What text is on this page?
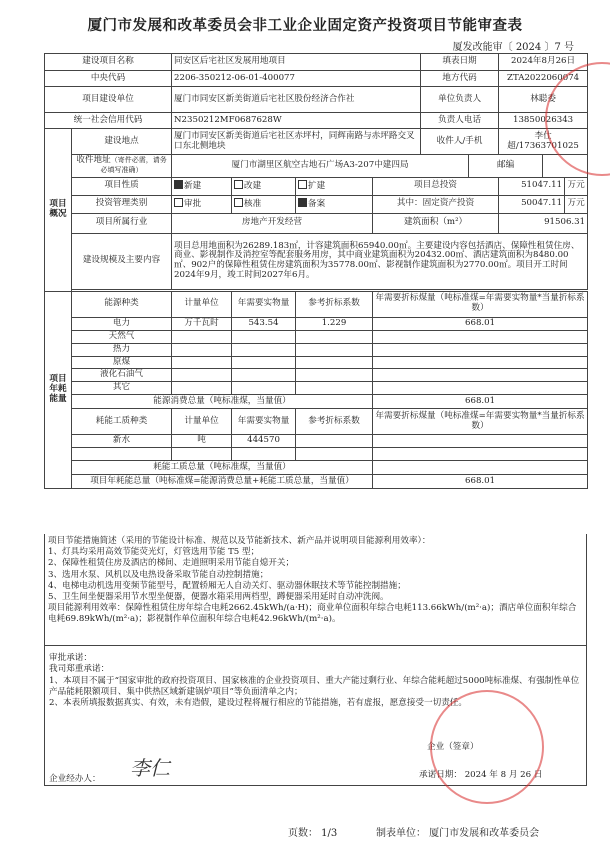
厦门市发展和改革委员会非工业企业固定资产投资项目节能审查表
厦发改能审〔 2024 〕7 号
建设项目名称		同安区后宅社区发展用地项目				填表日期		2024年8月26日		
中央代码		2206-350212-06-01-400077				地方代码		ZTA2022060074		
项目建设单位		厦门市同安区新美街道后宅社区股份经济合作社				单位负责人		林聪委		
统一社会信用代码		N2350212MF0687628W				负责人电话		13850026343		
项目概况	建设地点	厦门市同安区新美街道后宅社区赤坪村，同辉南路与赤坪路交叉口东北侧地块				收件人/手机		李仕超/17363701025		
	收件地址（寄件必需，请务必填写准确）	厦门市湖里区航空古地石广场A3-207中建四局					邮编			
	项目性质	新建	改建	扩建	项目总投资			51047.11		万元
	投资管理类别	审批	核准	备案	其中：固定资产投资			50047.11		万元
	项目所属行业	房地产开发经营			建筑面积（m²）			91506.31		
	建设规模及主要内容	项目总用地面积为26289.183㎡，计容建筑面积65940.00㎡。主要建设内容包括酒店、保障性租赁住房、商业、影视制作及消控室等配套服务用房，其中商业建筑面积为20432.00㎡、酒店建筑面积为8480.00㎡、902户的保障性租赁住房建筑面积为35778.00㎡、影视制作建筑面积为2770.00㎡。项目开工时间2024年9月，竣工时间2027年6月。								

项目年耗能量	能源种类	计量单位	年需要实物量	参考折标系数	年需要折标煤量（吨标准煤=年需要实物量*当量折标系数）					
	电力	万千瓦时	543.54	1.229	668.01					
	天然气									
	热力									
	原煤									
	液化石油气									
	其它									
	能源消费总量（吨标准煤，当量值）				668.01					
	耗能工质种类	计量单位	年需要实物量	参考折标系数	年需要折标煤量（吨标准煤=年需要实物量*当量折标系数）					
	新水	吨	444570							

	耗能工质总量（吨标准煤，当量值）									
	项目年耗能总量（吨标准煤=能源消费总量+耗能工质总量，当量值）				668.01					
项目节能措施简述（采用的节能设计标准、规范以及节能新技术、新产品并说明项目能源利用效率）：
1、灯具均采用高效节能荧光灯，灯管选用节能 T5 型；
2、保障性租赁住房及酒店的梯间、走道照明采用节能自熄开关；
3、选用水泵、风机以及电热设备采取节能自动控制措施；
4、电梯电动机选用变频节能型号，配置轿厢无人自动关灯、驱动器休眠技术等节能控制措施；
5、卫生间坐便器采用节水型坐便器，便器水箱采用两档型，蹲便器采用延时自动冲洗阀。
项目能源利用效率：保障性租赁住房年综合电耗2662.45kWh/(a·H)；商业单位面积年综合电耗113.66kWh/(m²·a)；酒店单位面积年综合电耗69.89kWh/(m²·a)；影视制作单位面积年综合电耗42.96kWh/(m²·a)。

审批承诺：

我司郑重承诺：

1、本项目不属于“国家审批的政府投资项目、国家核准的企业投资项目、重大产能过剩行业、年综合能耗超过5000吨标准煤、有强制性单位产品能耗限额项目、集中供热区域新建锅炉项目”等负面清单之内；

2、本表所填报数据真实、有效，未有造假，建设过程将履行相应的节能措施，若有虚报，愿意接受一切责任。

企业（签章）
企业经办人：	承诺日期： 2024 年 8 月 26 日
李仁
页数： 1/3	制表单位： 厦门市发展和改革委员会
